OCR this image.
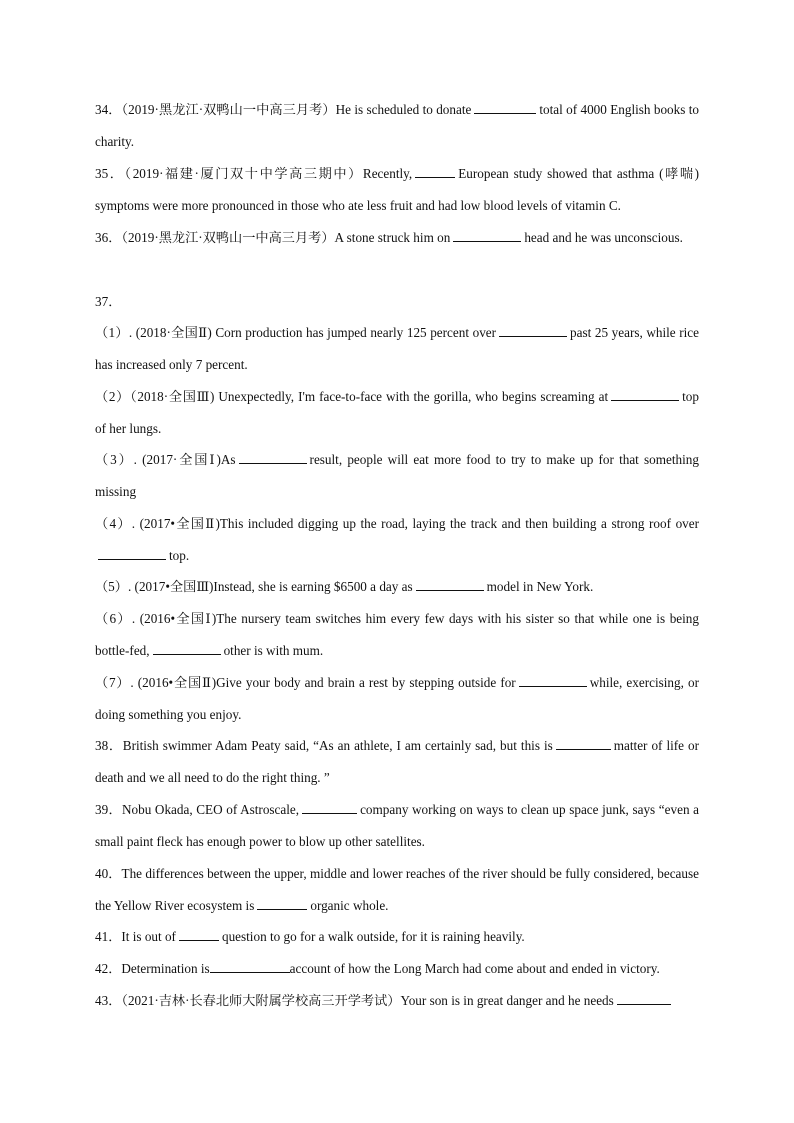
34．（2019·黑龙江·双鸭山一中高三月考）He is scheduled to donate	total of 4000 English books to charity.
35．（2019·福建·厦门双十中学高三期中）Recently,	European study showed that asthma (哮喘) symptoms were more pronounced in those who ate less fruit and had low blood levels of vitamin C.
36．（2019·黑龙江·双鸭山一中高三月考）A stone struck him on	head and he was unconscious.
37．
（1）. (2018·全国Ⅱ) Corn production has jumped nearly 125 percent over	past 25 years, while rice has increased only 7 percent.
（2）（2018·全国Ⅲ) Unexpectedly, I'm face-to-face with the gorilla, who begins screaming at	top of her lungs.
（3）. (2017·全国Ⅰ)As	result, people will eat more food to try to make up for that something missing
（4）. (2017•全国Ⅱ)This included digging up the road, laying the track and then building a strong roof overtop.
（5）. (2017•全国Ⅲ)Instead, she is earning $6500 a day as	model in New York.
（6）. (2016•全国Ⅰ)The nursery team switches him every few days with his sister so that while one is being bottle-fed,	other is with mum.
（7）. (2016•全国Ⅱ)Give your body and brain a rest by stepping outside for	while, exercising, or doing something you enjoy.
38．British swimmer Adam Peaty said, “As an athlete, I am certainly sad, but this is	matter of life or death and we all need to do the right thing. ”
39．Nobu Okada, CEO of Astroscale,	company working on ways to clean up space junk, says “even a small paint fleck has enough power to blow up other satellites.
40．The differences between the upper, middle and lower reaches of the river should be fully considered, because the Yellow River ecosystem is	organic whole.
41．It is out of	question to go for a walk outside, for it is raining heavily.
42．Determination is	account of how the Long March had come about and ended in victory.
43．（2021·吉林·长春北师大附属学校高三开学考试）Your son is in great danger and he needs
